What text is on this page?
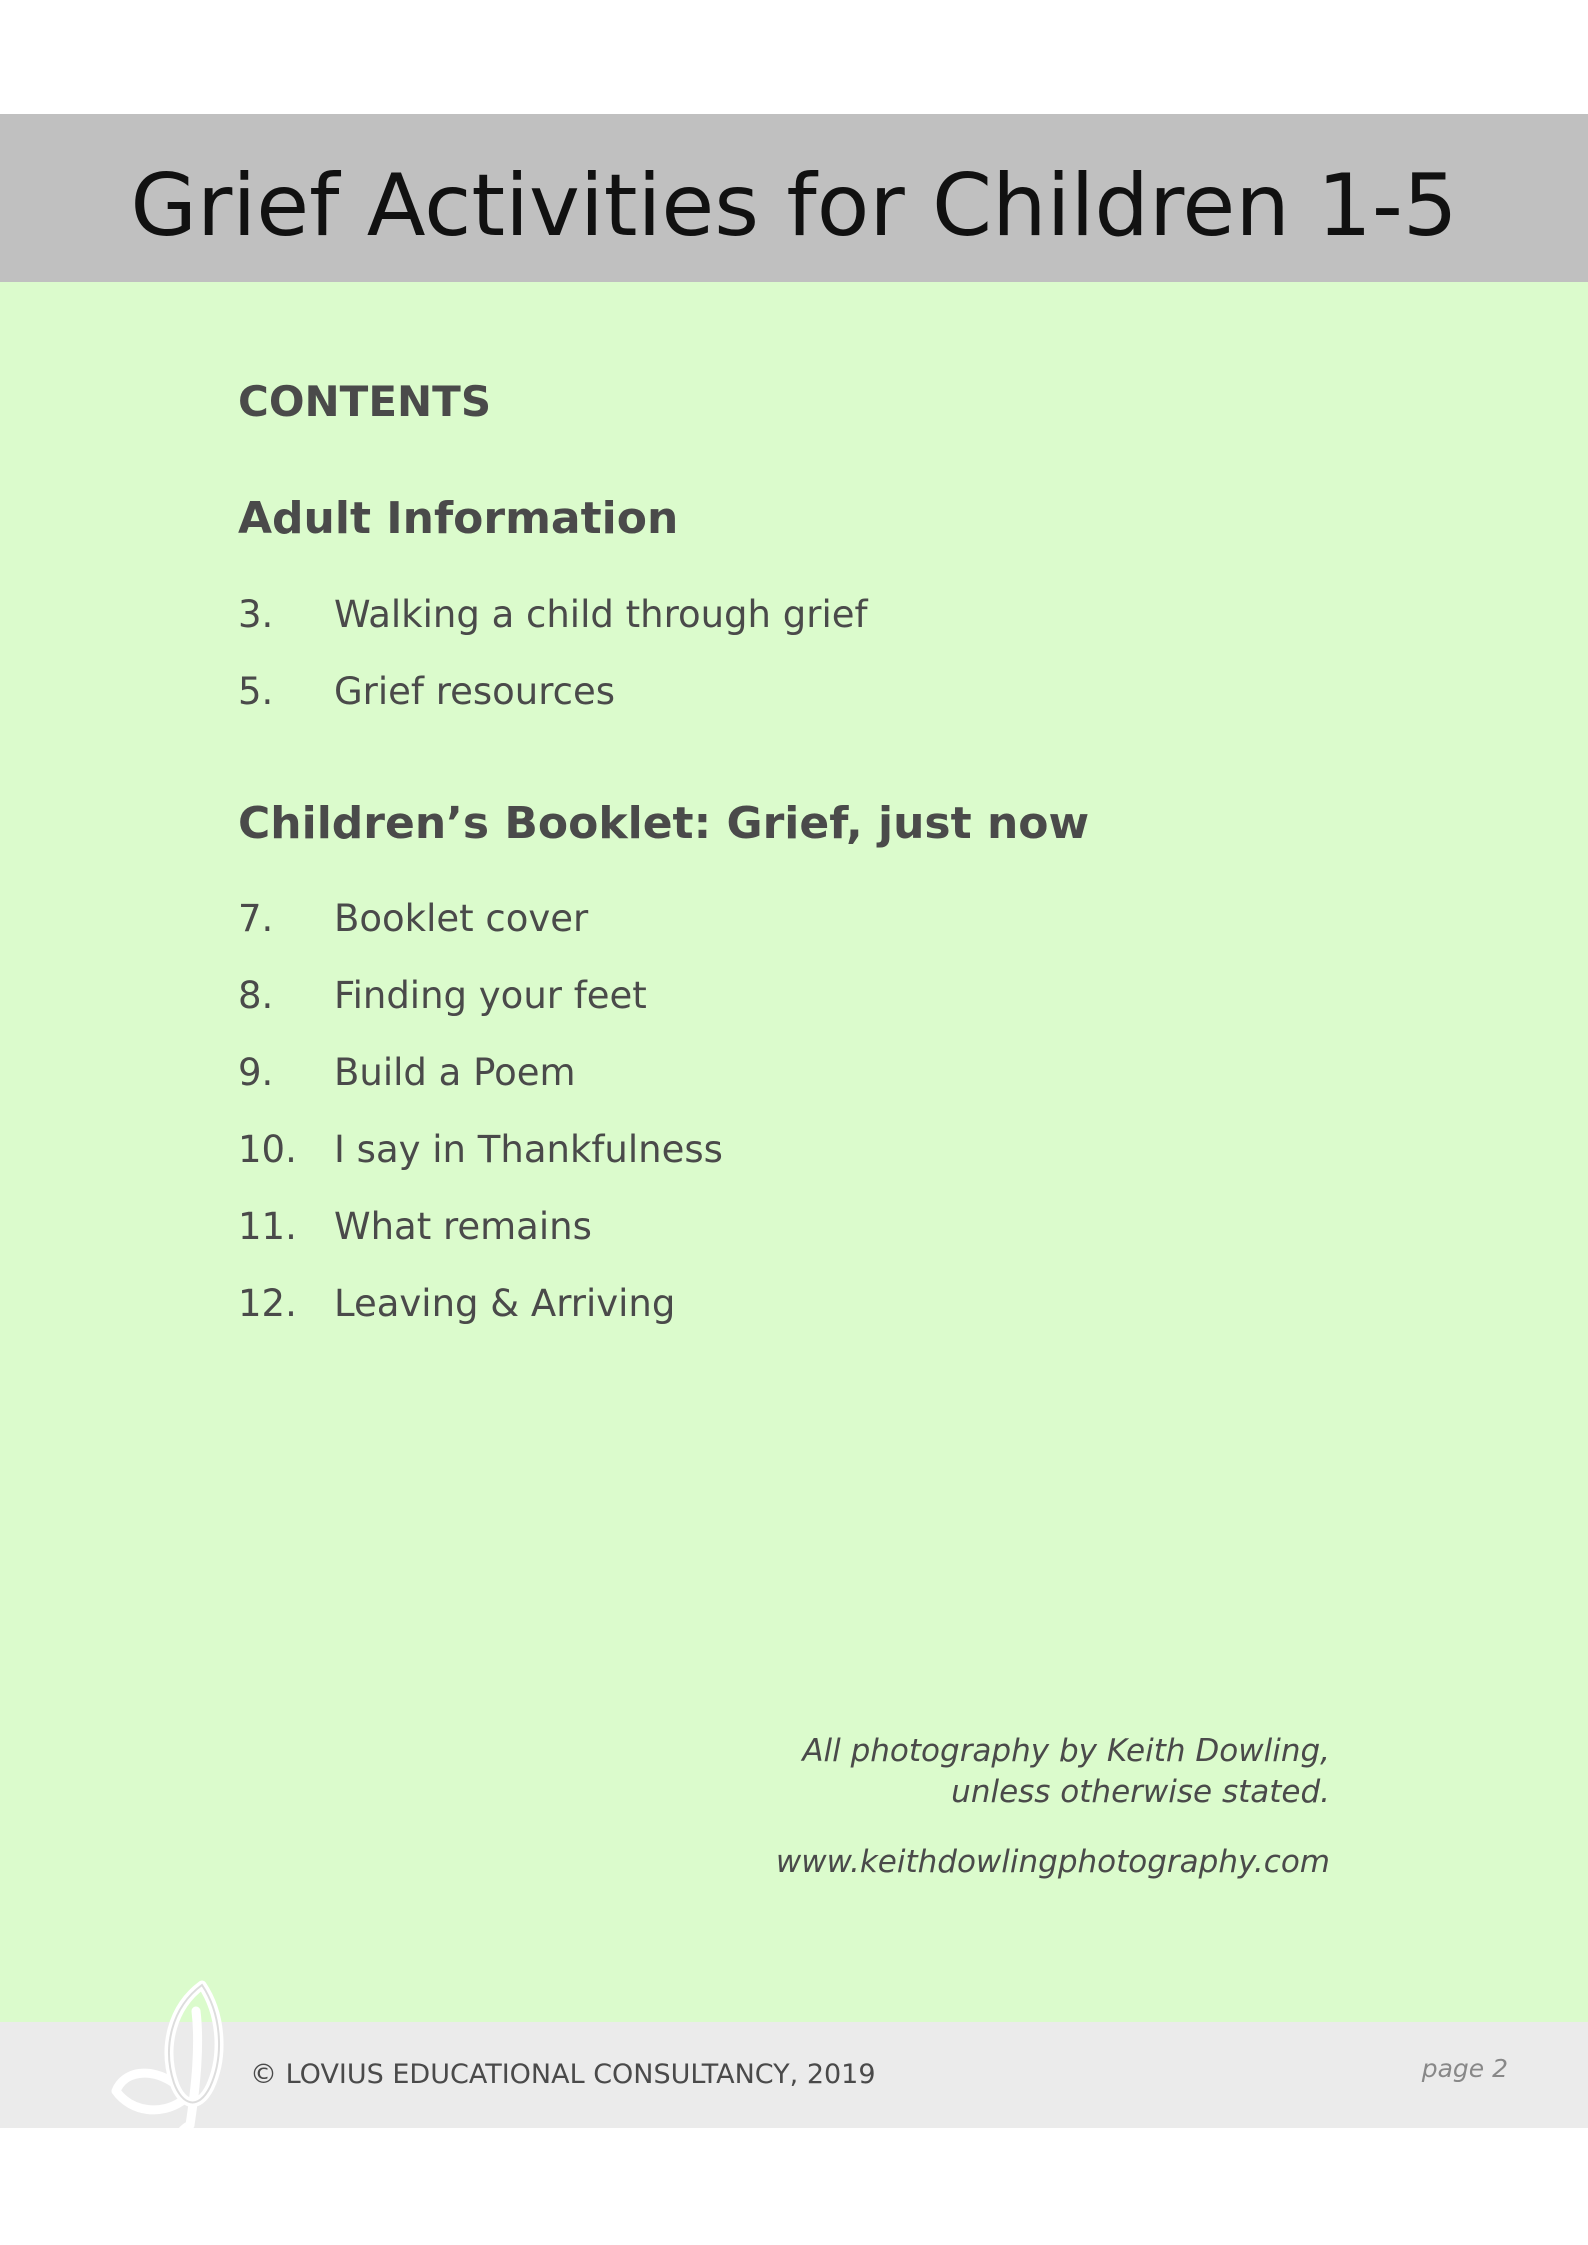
Grief Activities for Children 1-5
CONTENTS
Adult Information
3. Walking a child through grief
5. Grief resources
Children’s Booklet: Grief, just now
7. Booklet cover
8. Finding your feet
9. Build a Poem
10. I say in Thankfulness
11. What remains
12. Leaving & Arriving
All photography by Keith Dowling,
unless otherwise stated.
www.keithdowlingphotography.com
© LOVIUS EDUCATIONAL CONSULTANCY, 2019	page 2
